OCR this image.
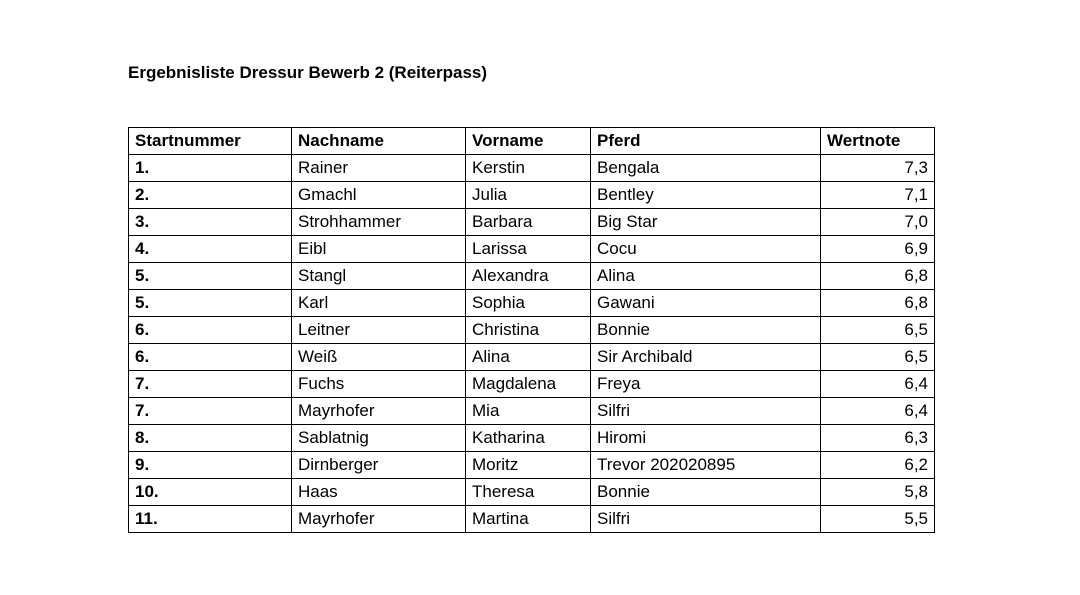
Ergebnisliste Dressur Bewerb 2 (Reiterpass)
Startnummer	Nachname	Vorname	Pferd	Wertnote
1.	Rainer	Kerstin	Bengala	7,3
2.	Gmachl	Julia	Bentley	7,1
3.	Strohhammer	Barbara	Big Star	7,0
4.	Eibl	Larissa	Cocu	6,9
5.	Stangl	Alexandra	Alina	6,8
5.	Karl	Sophia	Gawani	6,8
6.	Leitner	Christina	Bonnie	6,5
6.	Weiß	Alina	Sir Archibald	6,5
7.	Fuchs	Magdalena	Freya	6,4
7.	Mayrhofer	Mia	Silfri	6,4
8.	Sablatnig	Katharina	Hiromi	6,3
9.	Dirnberger	Moritz	Trevor 202020895	6,2
10.	Haas	Theresa	Bonnie	5,8
11.	Mayrhofer	Martina	Silfri	5,5
